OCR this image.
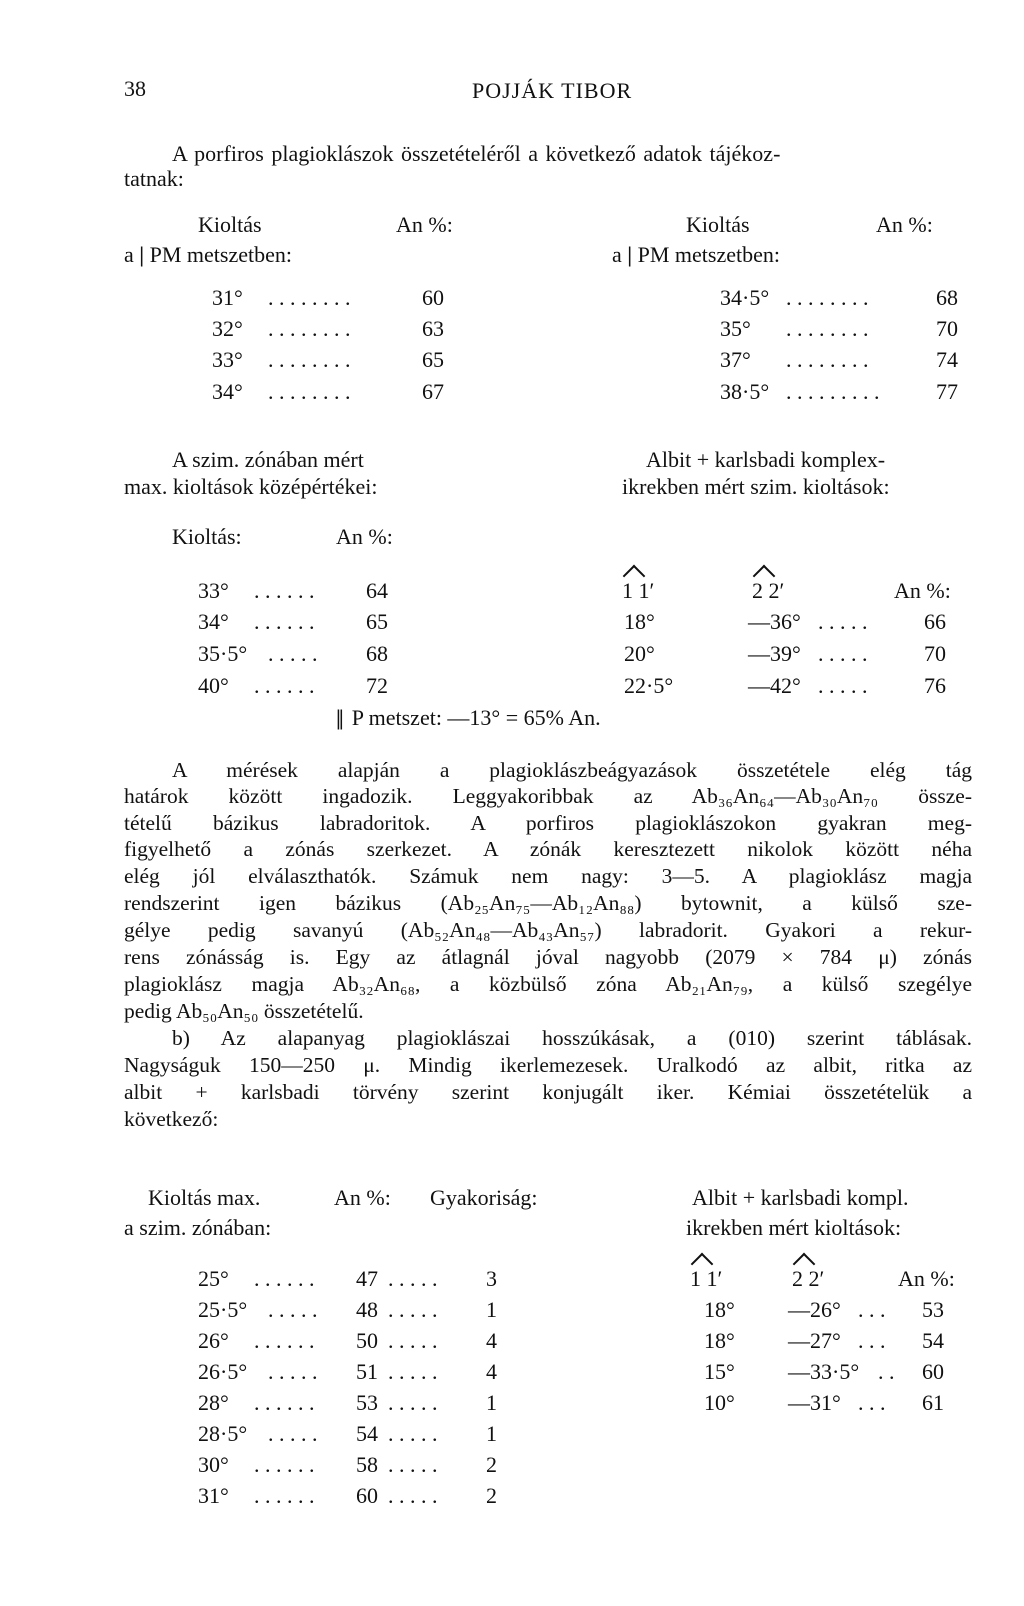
38	POJJÁK TIBOR
A porfiros plagioklászok összetételéről a következő adatok tájékoz-
tatnak:
Kioltás	An %:
a | PM metszetben:
Kioltás	An %:
a | PM metszetben:
31° . . . . . . . .	60
32° . . . . . . . .	63
33° . . . . . . . .	65
34° . . . . . . . .	67
34·5° . . . . . . . .	68
35° . . . . . . . .	70
37° . . . . . . . .	74
38·5° . . . . . . . . .	77
A szim. zónában mért
max. kioltások középértékei:
Albit + karlsbadi komplex-
ikrekben mért szim. kioltások:
Kioltás:	An %:
1 1′	2 2′	An %:
33° . . . . . . 64
34° . . . . . . 65
35·5° . . . . . 68
40° . . . . . . 72
18°	—36° . . . . .	66
20°	—39° . . . . .	70
22·5°	—42° . . . . .	76
|| P metszet: —13° = 65% An.
A mérések alapján a plagioklászbeágyazások összetétele elég tág
határok között ingadozik. Leggyakoribbak az Ab₃₆An₆₄—Ab₃₀An₇₀ össze-
tételű bázikus labradoritok. A porfiros plagioklászokon gyakran meg-
figyelhető a zónás szerkezet. A zónák keresztezett nikolok között néha
elég jól elválaszthatók. Számuk nem nagy: 3—5. A plagioklász magja
rendszerint igen bázikus (Ab₂₅An₇₅—Ab₁₂An₈₈) bytownit, a külső sze-
gélye pedig savanyú (Ab₅₂An₄₈—Ab₄₃An₅₇) labradorit. Gyakori a rekur-
rens zónásság is. Egy az átlagnál jóval nagyobb (2079 × 784 μ) zónás
plagioklász magja Ab₃₂An₆₈, a közbülső zóna Ab₂₁An₇₉, a külső szegélye
pedig Ab₅₀An₅₀ összetételű.
b) Az alapanyag plagioklászai hosszúkásak, a (010) szerint táblásak.
Nagyságuk 150—250 μ. Mindig ikerlemezesek. Uralkodó az albit, ritka az
albit + karlsbadi törvény szerint konjugált iker. Kémiai összetételük a
következő:
Kioltás max.	An %: Gyakoriság:
a szim. zónában:
Albit + karlsbadi kompl.
ikrekben mért kioltások:
1 1′	2 2′	An %:
25° . . . . . . 47 . . . . . 3
25·5° . . . . . 48 . . . . . 1
26° . . . . . . 50 . . . . . 4
26·5° . . . . . 51 . . . . . 4
28° . . . . . . 53 . . . . . 1
28·5° . . . . . 54 . . . . . 1
30° . . . . . . 58 . . . . . 2
31° . . . . . . 60 . . . . . 2
18° —26° . . . 53
18° —27° . . . 54
15° —33·5° . . 60
10° —31° . . . 61
